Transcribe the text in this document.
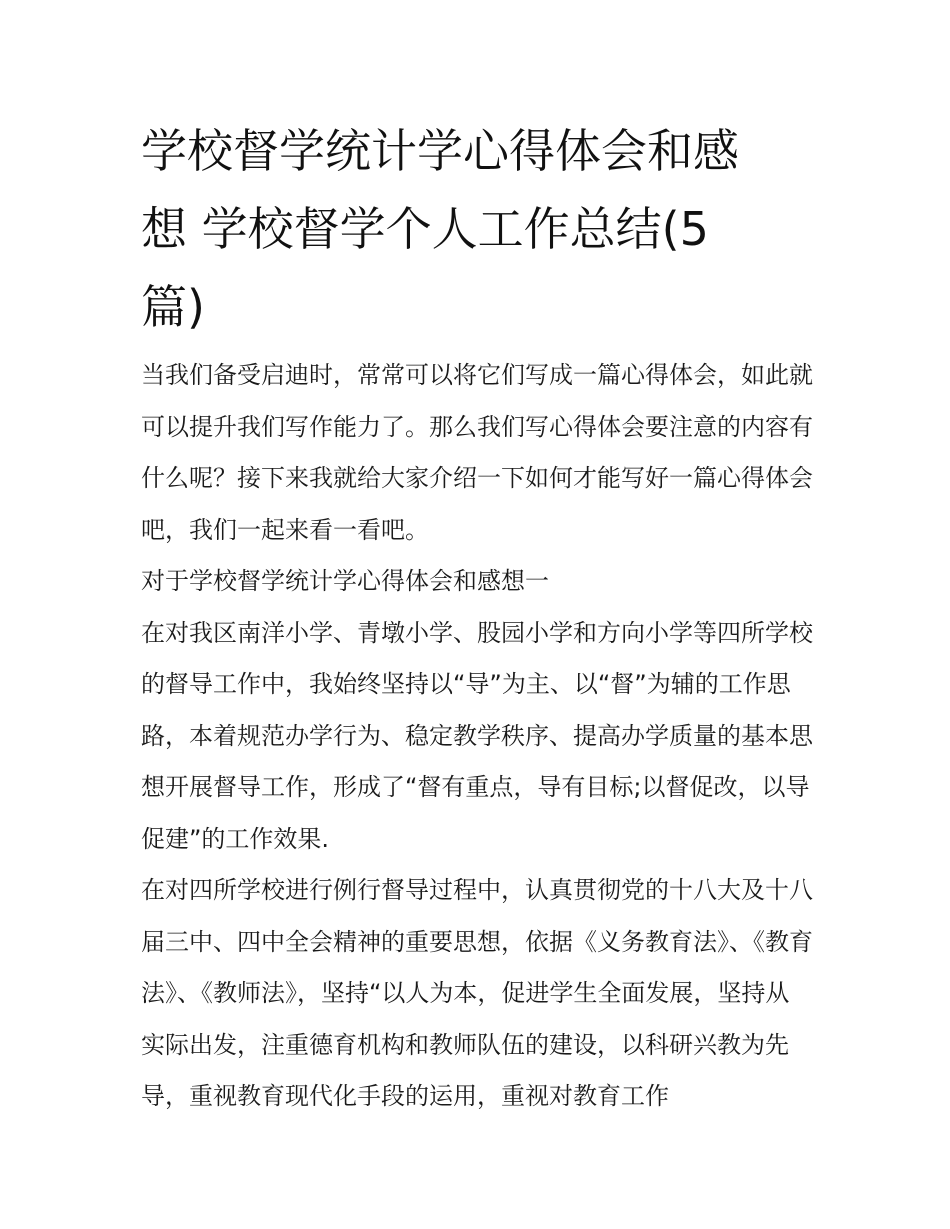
学校督学统计学心得体会和感
想 学校督学个人工作总结(5
篇)

当我们备受启迪时，常常可以将它们写成一篇心得体会，如此就可以提升我们写作能力了。那么我们写心得体会要注意的内容有什么呢？接下来我就给大家介绍一下如何才能写好一篇心得体会吧，我们一起来看一看吧。

对于学校督学统计学心得体会和感想一

在对我区南洋小学、青墩小学、股园小学和方向小学等四所学校的督导工作中，我始终坚持以“导”为主、以“督”为辅的工作思路，本着规范办学行为、稳定教学秩序、提高办学质量的基本思想开展督导工作，形成了“督有重点，导有目标;以督促改，以导促建”的工作效果.

在对四所学校进行例行督导过程中，认真贯彻党的十八大及十八届三中、四中全会精神的重要思想，依据《义务教育法》、《教育法》、《教师法》，坚持“以人为本，促进学生全面发展，坚持从实际出发，注重德育机构和教师队伍的建设，以科研兴教为先导，重视教育现代化手段的运用，重视对教育工作
